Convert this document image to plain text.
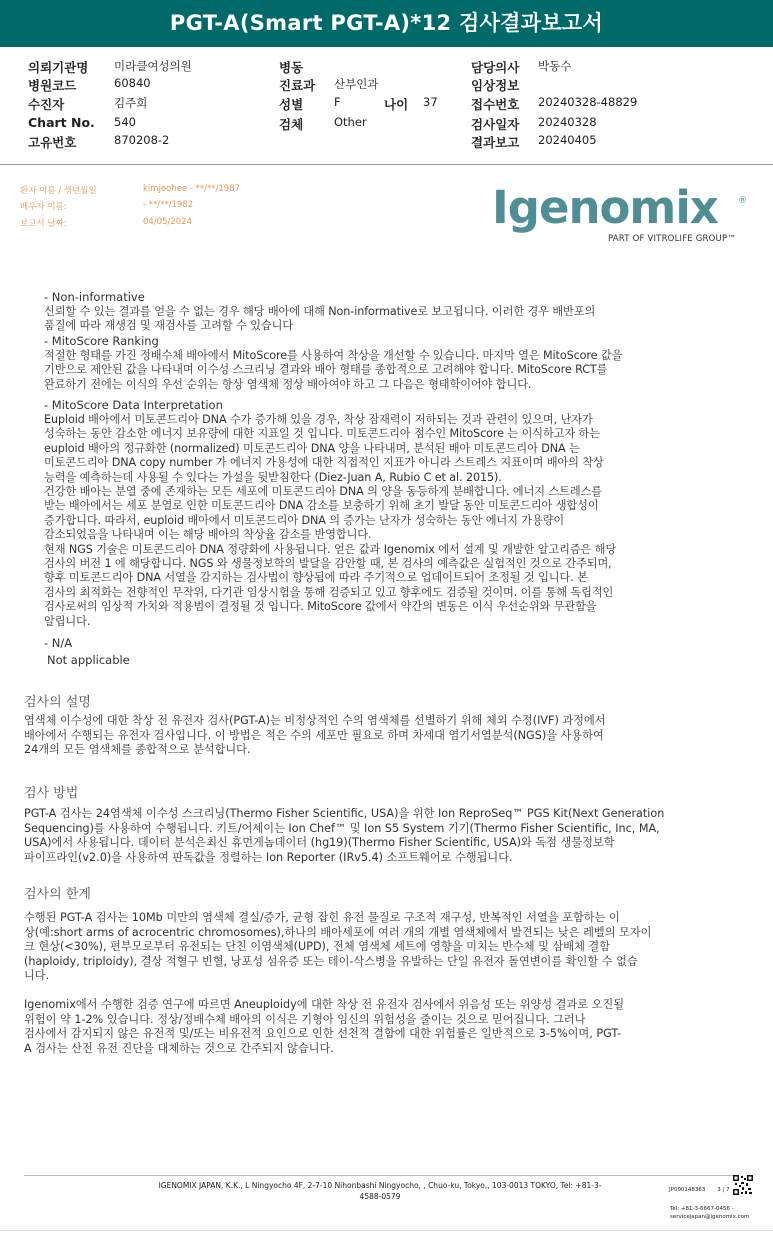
PGT-A(Smart PGT-A)*12 검사결과보고서
의뢰기관명 미라클여성의원
병원코드	60840
수진자	김주희
Chart No. 540
고유번호	870208-2
병동
진료과 산부인과
성별	F	나이 37
검체	Other
담당의사 박동수
임상정보
접수번호 20240328-48829
검사일자 20240328
결과보고 20240405
환자 이름 / 생년월일	kimjoohee - **/**/1987
배우자 이름:	- **/**/1982
보고서 날짜:	04/05/2024	Igenomix ®
PART OF VITROLIFE GROUP™
- Non-informative
신뢰할 수 있는 결과를 얻을 수 없는 경우 해당 배아에 대해 Non-informative로 보고됩니다. 이러한 경우 배반포의
품질에 따라 재생검 및 재검사를 고려할 수 있습니다
- MitoScore Ranking
적절한 형태를 가진 정배수체 배아에서 MitoScore를 사용하여 착상을 개선할 수 있습니다. 마지막 열은 MitoScore 값을
기반으로 제안된 값을 나타내며 이수성 스크리닝 결과와 배아 형태를 종합적으로 고려해야 합니다. MitoScore RCT를
완료하기 전에는 이식의 우선 순위는 항상 염색체 정상 배아여야 하고 그 다음은 형태학이어야 합니다.
- MitoScore Data Interpretation
Euploid 배아에서 미토콘드리아 DNA 수가 증가해 있을 경우, 착상 잠재력이 저하되는 것과 관련이 있으며, 난자가
성숙하는 동안 감소한 에너지 보유량에 대한 지표일 것 입니다. 미토콘드리아 점수인 MitoScore 는 이식하고자 하는
euploid 배아의 정규화한 (normalized) 미토콘드리아 DNA 양을 나타내며, 분석된 배아 미토콘드리아 DNA 는
미토콘드리아 DNA copy number 가 에너지 가용성에 대한 직접적인 지표가 아니라 스트레스 지표이며 배아의 착상
능력을 예측하는데 사용될 수 있다는 가설을 뒷받침한다 (Diez-Juan A, Rubio C et al. 2015).
건강한 배아는 분열 중에 존재하는 모든 세포에 미토콘드리아 DNA 의 양을 동등하게 분배합니다. 에너지 스트레스를
받는 배아에서는 세포 분열로 인한 미토콘드리아 DNA 감소를 보충하기 위해 초기 발달 동안 미토콘드리아 생합성이
증가합니다. 따라서, euploid 배아에서 미토콘드리아 DNA 의 증가는 난자가 성숙하는 동안 에너지 가용량이
감소되었음을 나타내며 이는 해당 배아의 착상율 감소를 반영합니다.
현재 NGS 기술은 미토콘드리아 DNA 정량화에 사용됩니다. 얻은 값과 Igenomix 에서 설계 및 개발한 알고리즘은 해당
검사의 버전 1 에 해당합니다. NGS 와 생물정보학의 발달을 감안할 때, 본 검사의 예측값은 실험적인 것으로 간주되며,
향후 미토콘드리아 DNA 서열을 감지하는 검사법이 향상됨에 따라 주기적으로 업데이트되어 조정될 것 입니다. 본
검사의 최적화는 전향적인 무작위, 다기관 임상시험을 통해 검증되고 있고 향후에도 검증될 것이며. 이를 통해 독립적인
검사로써의 임상적 가치와 적용범이 결정될 것 입니다. MitoScore 값에서 약간의 변동은 이식 우선순위와 무관함을
알립니다.
- N/A
Not applicable
검사의 설명
염색체 이수성에 대한 착상 전 유전자 검사(PGT-A)는 비정상적인 수의 염색체를 선별하기 위해 체외 수정(IVF) 과정에서
배아에서 수행되는 유전자 검사입니다. 이 방법은 적은 수의 세포만 필요로 하며 차세대 염기서열분석(NGS)을 사용하여
24개의 모든 염색체를 종합적으로 분석합니다.
검사 방법
PGT-A 검사는 24염색체 이수성 스크리닝(Thermo Fisher Scientific, USA)을 위한 Ion ReproSeq™ PGS Kit(Next Generation
Sequencing)를 사용하여 수행됩니다. 키트/어세이는 Ion Chef™ 및 Ion S5 System 기기(Thermo Fisher Scientific, Inc, MA,
USA)에서 사용됩니다. 데이터 분석은최신 휴먼게놈데이터 (hg19)(Thermo Fisher Scientific, USA)와 독점 생물정보학
파이프라인(v2.0)을 사용하여 판독값을 정렬하는 Ion Reporter (IRv5.4) 소프트웨어로 수행됩니다.
검사의 한계
수행된 PGT-A 검사는 10Mb 미만의 염색체 결실/증가, 균형 잡힌 유전 물질로 구조적 재구성, 반복적인 서열을 포함하는 이
상(예:short arms of acrocentric chromosomes),하나의 배아세포에 여러 개의 개별 염색체에서 발견되는 낮은 레벨의 모자이
크 현상(<30%), 편부모로부터 유전되는 단친 이염색체(UPD), 전체 염색체 세트에 영향을 미치는 반수체 및 삼배체 결함
(haploidy, triploidy), 결상 적혈구 빈혈, 낭포성 섬유증 또는 테이-삭스병을 유발하는 단일 유전자 돌연변이를 확인할 수 없습
니다.
Igenomix에서 수행한 검증 연구에 따르면 Aneuploidy에 대한 착상 전 유전자 검사에서 위음성 또는 위양성 결과로 오진될
위험이 약 1-2% 있습니다. 정상/정배수체 배아의 이식은 기형아 임신의 위험성을 줄이는 것으로 믿어집니다. 그러나
검사에서 감지되지 않은 유전적 및/또는 비유전적 요인으로 인한 선천적 결함에 대한 위험률은 일반적으로 3-5%이며, PGT-
A 검사는 산전 유전 진단을 대체하는 것으로 간주되지 않습니다.
IGENOMIX JAPAN, K.K., L Ningyocho 4F, 2-7-10 Nihonbashi Ningyocho, , Chuo-ku, Tokyo,, 103-0013 TOKYO, Tel: +81-3-
4588-0579
JP000148363 3 | 7
Tel: +81-3-6667-0456 -
servicejapan@igenomix.com
